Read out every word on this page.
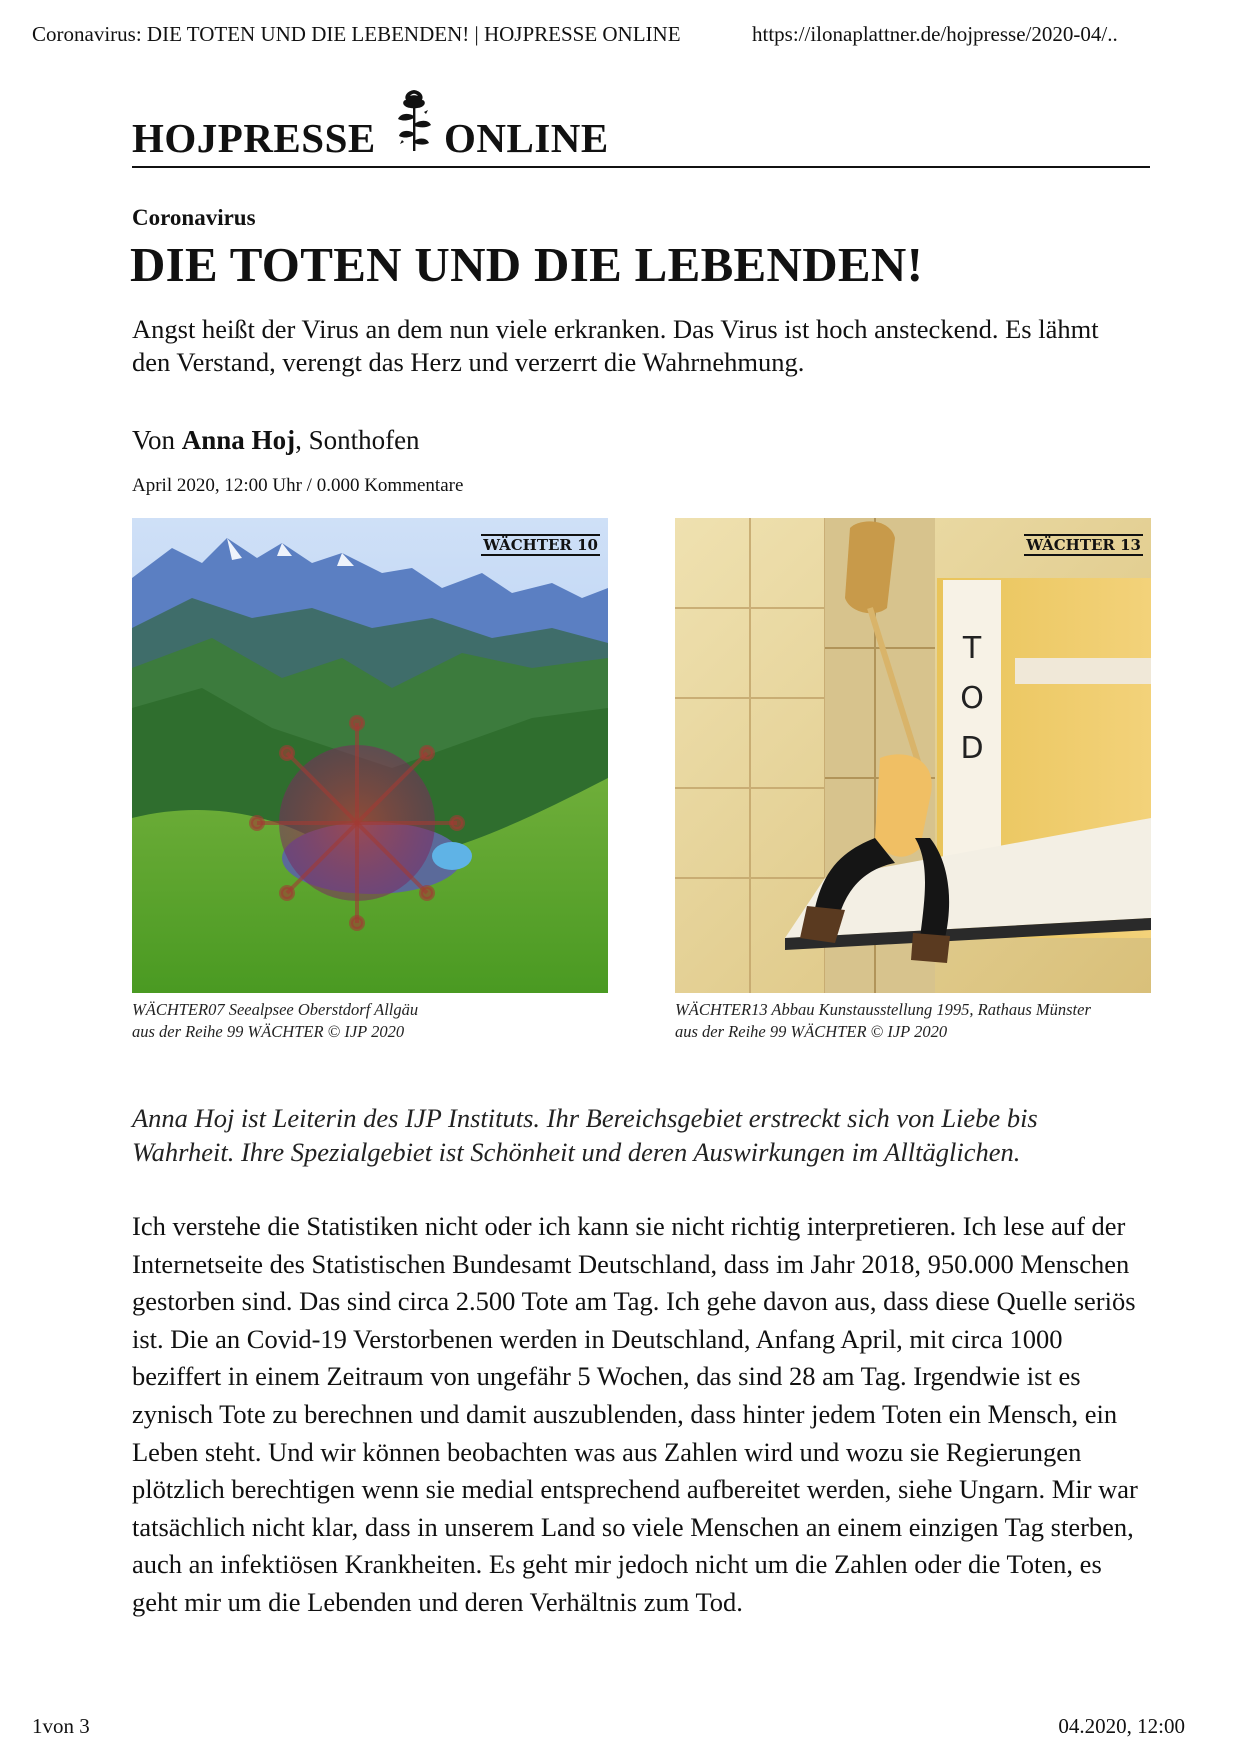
Coronavirus: DIE TOTEN UND DIE LEBENDEN! | HOJPRESSE ONLINE	https://ilonaplattner.de/hojpresse/2020-04/..
HOJPRESSE ONLINE
Coronavirus
DIE TOTEN UND DIE LEBENDEN!

Angst heißt der Virus an dem nun viele erkranken. Das Virus ist hoch ansteckend. Es lähmt den Verstand, verengt das Herz und verzerrt die Wahrnehmung.

Von Anna Hoj, Sonthofen
April 2020, 12:00 Uhr / 0.000 Kommentare
WÄCHTER 10
WÄCHTER07 Seealpsee Oberstdorf Allgäu
aus der Reihe 99 WÄCHTER © IJP 2020
T
O
D
WÄCHTER 13
WÄCHTER13 Abbau Kunstausstellung 1995, Rathaus Münster
aus der Reihe 99 WÄCHTER © IJP 2020

Anna Hoj ist Leiterin des IJP Instituts. Ihr Bereichsgebiet erstreckt sich von Liebe bis Wahrheit. Ihre Spezialgebiet ist Schönheit und deren Auswirkungen im Alltäglichen.

Ich verstehe die Statistiken nicht oder ich kann sie nicht richtig interpretieren. Ich lese auf der Internetseite des Statistischen Bundesamt Deutschland, dass im Jahr 2018, 950.000 Menschen gestorben sind. Das sind circa 2.500 Tote am Tag. Ich gehe davon aus, dass diese Quelle seriös ist. Die an Covid-19 Verstorbenen werden in Deutschland, Anfang April, mit circa 1000 beziffert in einem Zeitraum von ungefähr 5 Wochen, das sind 28 am Tag. Irgendwie ist es zynisch Tote zu berechnen und damit auszublenden, dass hinter jedem Toten ein Mensch, ein Leben steht. Und wir können beobachten was aus Zahlen wird und wozu sie Regierungen plötzlich berechtigen wenn sie medial entsprechend aufbereitet werden, siehe Ungarn. Mir war tatsächlich nicht klar, dass in unserem Land so viele Menschen an einem einzigen Tag sterben, auch an infektiösen Krankheiten. Es geht mir jedoch nicht um die Zahlen oder die Toten, es geht mir um die Lebenden und deren Verhältnis zum Tod.

1von 3	04.2020, 12:00
